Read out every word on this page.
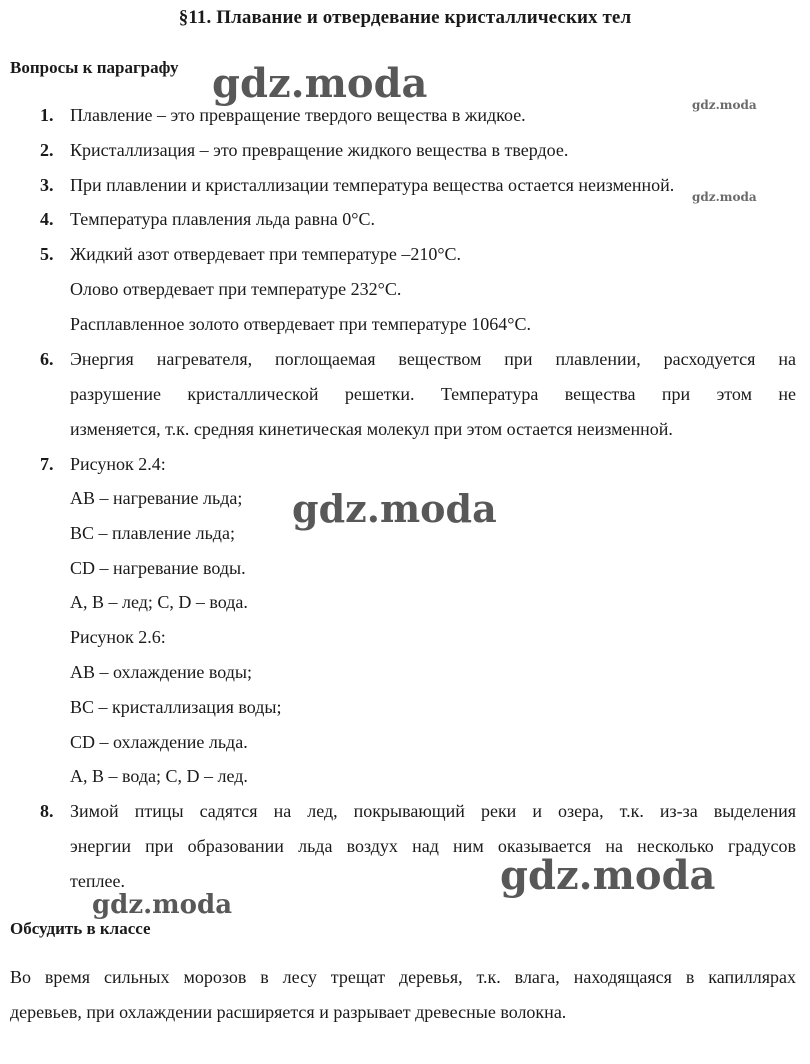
§11. Плавание и отвердевание кристаллических тел
Вопросы к параграфу
1. Плавление – это превращение твердого вещества в жидкое.
2. Кристаллизация – это превращение жидкого вещества в твердое.
3. При плавлении и кристаллизации температура вещества остается неизменной.
4. Температура плавления льда равна 0°С.
5. Жидкий азот отвердевает при температуре –210°С.
Олово отвердевает при температуре 232°С.
Расплавленное золото отвердевает при температуре 1064°С.
6. Энергия нагревателя, поглощаемая веществом при плавлении, расходуется на
разрушение кристаллической решетки. Температура вещества при этом не
изменяется, т.к. средняя кинетическая молекул при этом остается неизменной.
7. Рисунок 2.4:
АВ – нагревание льда;
ВС – плавление льда;
CD – нагревание воды.
А, В – лед; С, D – вода.
Рисунок 2.6:
АВ – охлаждение воды;
ВС – кристаллизация воды;
CD – охлаждение льда.
А, В – вода; С, D – лед.
8. Зимой птицы садятся на лед, покрывающий реки и озера, т.к. из-за выделения
энергии при образовании льда воздух над ним оказывается на несколько градусов
теплее.
Обсудить в классе
Во время сильных морозов в лесу трещат деревья, т.к. влага, находящаяся в капиллярах
деревьев, при охлаждении расширяется и разрывает древесные волокна.
gdz.moda	gdz.moda
gdz.moda
gdz.moda
gdz.moda
gdz.moda
